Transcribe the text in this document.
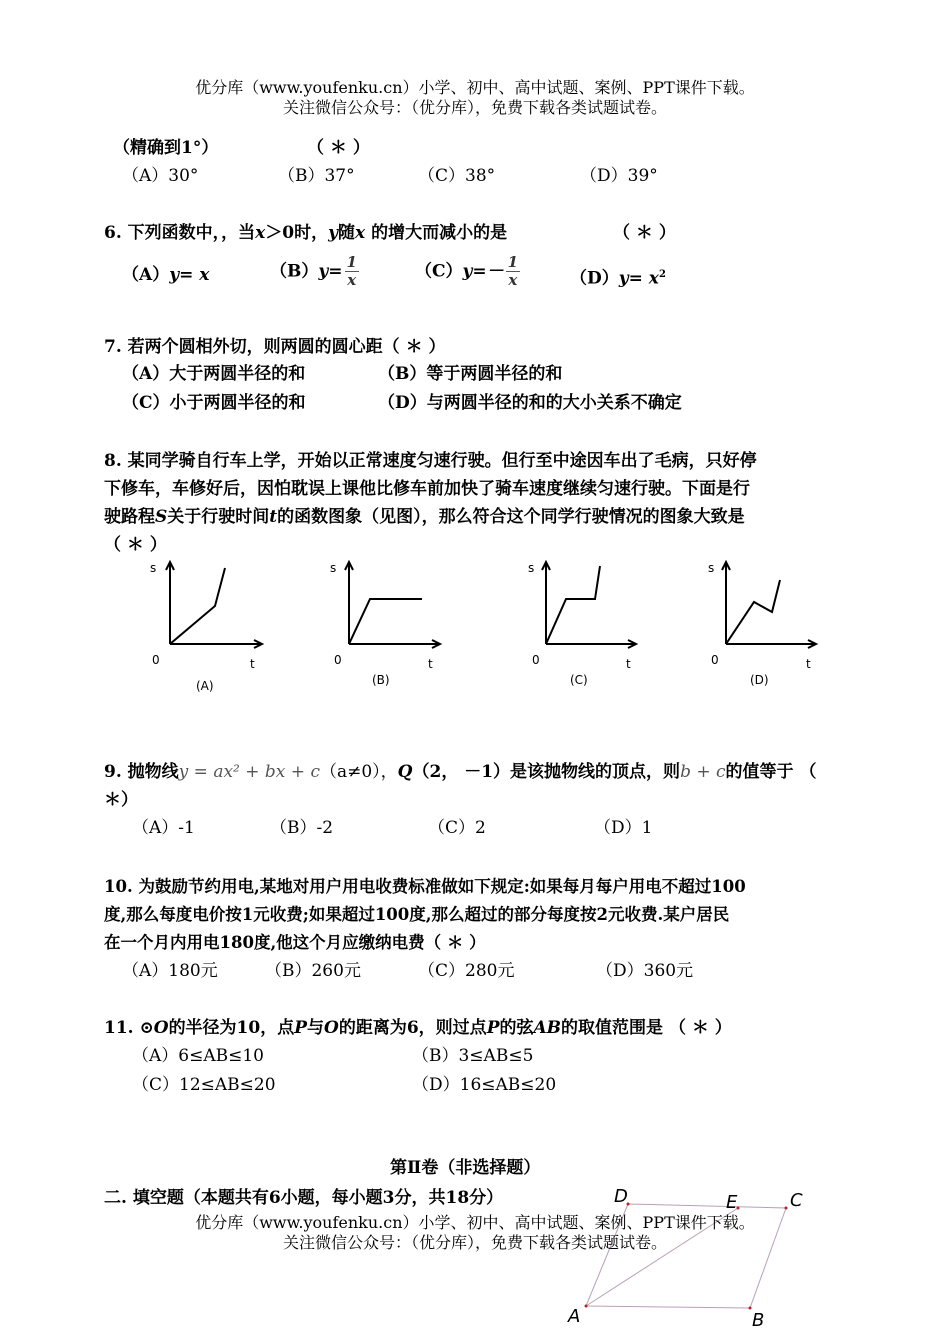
优分库（www.youfenku.cn）小学、初中、高中试题、案例、PPT课件下载。
关注微信公众号：（优分库），免费下载各类试题试卷。
（精确到1°）	（ ＊ ）
（A）30°	（B）37°	（C）38°	（D）39°
6. 下列函数中，，当x＞0时，y随x 的增大而减小的是	（ ＊ ）
（A）y= x	$(B)y= \frac{1}{x}$	$(C)y=- \frac{1}{x}$	$(D)y= x^2$
7. 若两个圆相外切，则两圆的圆心距（ ＊ ）
（A）大于两圆半径的和	（B）等于两圆半径的和
（C）小于两圆半径的和	（D）与两圆半径的和的大小关系不确定
8. 某同学骑自行车上学，开始以正常速度匀速行驶。但行至中途因车出了毛病，只好停
下修车，车修好后，因怕耽误上课他比修车前加快了骑车速度继续匀速行驶。下面是行
驶路程S关于行驶时间t的函数图象（见图），那么符合这个同学行驶情况的图象大致是
（ ＊ ）
s
0	t
(A)
s
0	t
(B)
s
0	t
(C)
s
0	t
(D)
9. 抛物线y = ax² + bx + c（a≠0），Q（2， －1）是该抛物线的顶点，则b + c的值等于 （
＊）
（A）-1	（B）-2	（C）2	（D）1
10. 为鼓励节约用电,某地对用户用电收费标准做如下规定:如果每月每户用电不超过100
度,那么每度电价按1元收费;如果超过100度,那么超过的部分每度按2元收费.某户居民
在一个月内用电180度,他这个月应缴纳电费（ ＊ ）
（A）180元	（B）260元	（C）280元	（D）360元
11. ⊙O的半径为10，点P与O的距离为6，则过点P的弦AB的取值范围是 （ ＊ ）
（A）6≤AB≤10	（B）3≤AB≤5
（C）12≤AB≤20	（D）16≤AB≤20
第Ⅱ卷（非选择题）
二. 填空题（本题共有6小题，每小题3分，共18分）	D	E	C
A	B
优分库（www.youfenku.cn）小学、初中、高中试题、案例、PPT课件下载。
关注微信公众号：（优分库），免费下载各类试题试卷。
